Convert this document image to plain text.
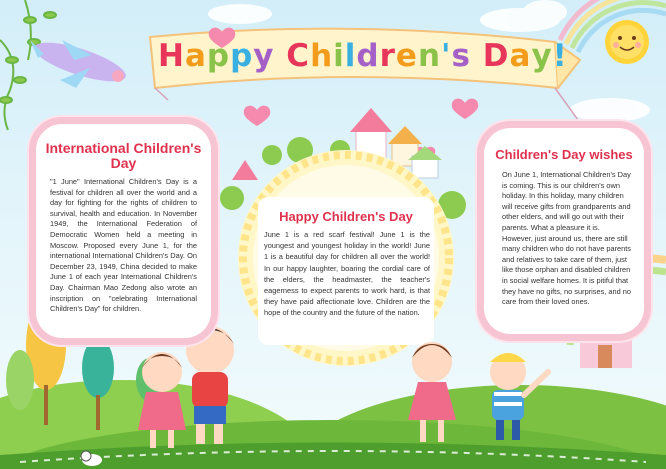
Happy Children's Day!
International Children's Day
"1 June" International Children's Day is a festival for children all over the world and a day for fighting for the rights of children to survival, health and education. In November 1949, the International Federation of Democratic Women held a meeting in Moscow. Proposed every June 1, for the international International Children's Day. On December 23, 1949, China decided to make June 1 of each year International Children's Day. Chairman Mao Zedong also wrote an inscription on "celebrating International Children's Day" for children.
Happy Children's Day
June 1 is a red scarf festival! June 1 is the youngest and youngest holiday in the world! June 1 is a beautiful day for children all over the world! In our happy laughter, boaring the cordial care of the elders, the headmaster, the teacher's eagerness to expect parents to work hard, is that they have paid affectionate love. Children are the hope of the country and the future of the nation.
Children's Day wishes
On June 1, International Children's Day is coming. This is our children's own holiday. In this holiday, many children will receive gifts from grandparents and other elders, and will go out with their parents. What a pleasure it is. However, just around us, there are still many children who do not have parents and relatives to take care of them, just like those orphan and disabled children in social welfare homes. It is pitiful that they have no gifts, no surprises, and no care from their loved ones.
